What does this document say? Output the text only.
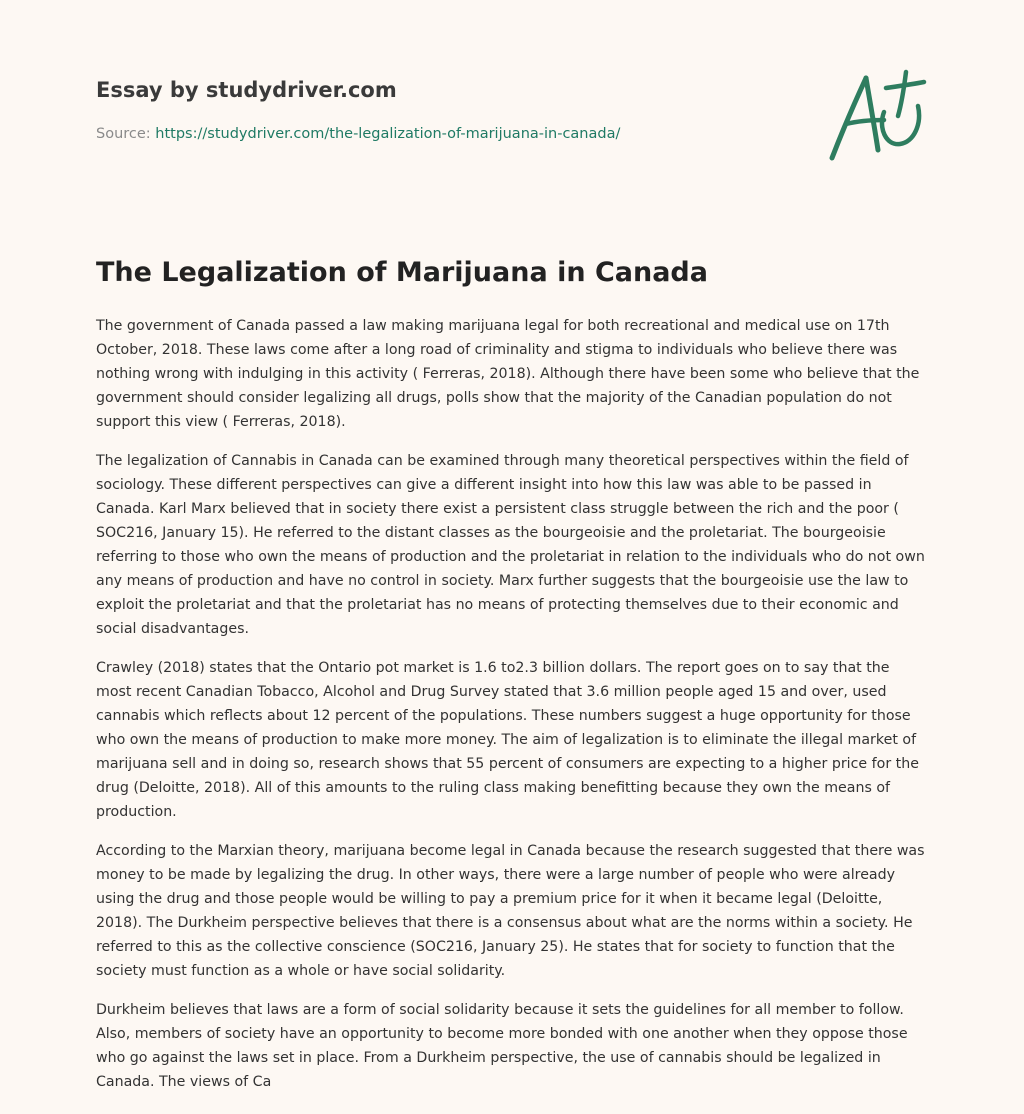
Essay by studydriver.com
Source: https://studydriver.com/the-legalization-of-marijuana-in-canada/
The Legalization of Marijuana in Canada

The government of Canada passed a law making marijuana legal for both recreational and medical use on 17th October, 2018. These laws come after a long road of criminality and stigma to individuals who believe there was nothing wrong with indulging in this activity ( Ferreras, 2018). Although there have been some who believe that the government should consider legalizing all drugs, polls show that the majority of the Canadian population do not support this view ( Ferreras, 2018).

The legalization of Cannabis in Canada can be examined through many theoretical perspectives within the field of sociology. These different perspectives can give a different insight into how this law was able to be passed in Canada. Karl Marx believed that in society there exist a persistent class struggle between the rich and the poor ( SOC216, January 15). He referred to the distant classes as the bourgeoisie and the proletariat. The bourgeoisie referring to those who own the means of production and the proletariat in relation to the individuals who do not own any means of production and have no control in society. Marx further suggests that the bourgeoisie use the law to exploit the proletariat and that the proletariat has no means of protecting themselves due to their economic and social disadvantages.

Crawley (2018) states that the Ontario pot market is 1.6 to2.3 billion dollars. The report goes on to say that the most recent Canadian Tobacco, Alcohol and Drug Survey stated that 3.6 million people aged 15 and over, used cannabis which reflects about 12 percent of the populations. These numbers suggest a huge opportunity for those who own the means of production to make more money. The aim of legalization is to eliminate the illegal market of marijuana sell and in doing so, research shows that 55 percent of consumers are expecting to a higher price for the drug (Deloitte, 2018). All of this amounts to the ruling class making benefitting because they own the means of production.

According to the Marxian theory, marijuana become legal in Canada because the research suggested that there was money to be made by legalizing the drug. In other ways, there were a large number of people who were already using the drug and those people would be willing to pay a premium price for it when it became legal (Deloitte, 2018). The Durkheim perspective believes that there is a consensus about what are the norms within a society. He referred to this as the collective conscience (SOC216, January 25). He states that for society to function that the society must function as a whole or have social solidarity.

Durkheim believes that laws are a form of social solidarity because it sets the guidelines for all member to follow. Also, members of society have an opportunity to become more bonded with one another when they oppose those who go against the laws set in place. From a Durkheim perspective, the use of cannabis should be legalized in Canada. The views of Ca
